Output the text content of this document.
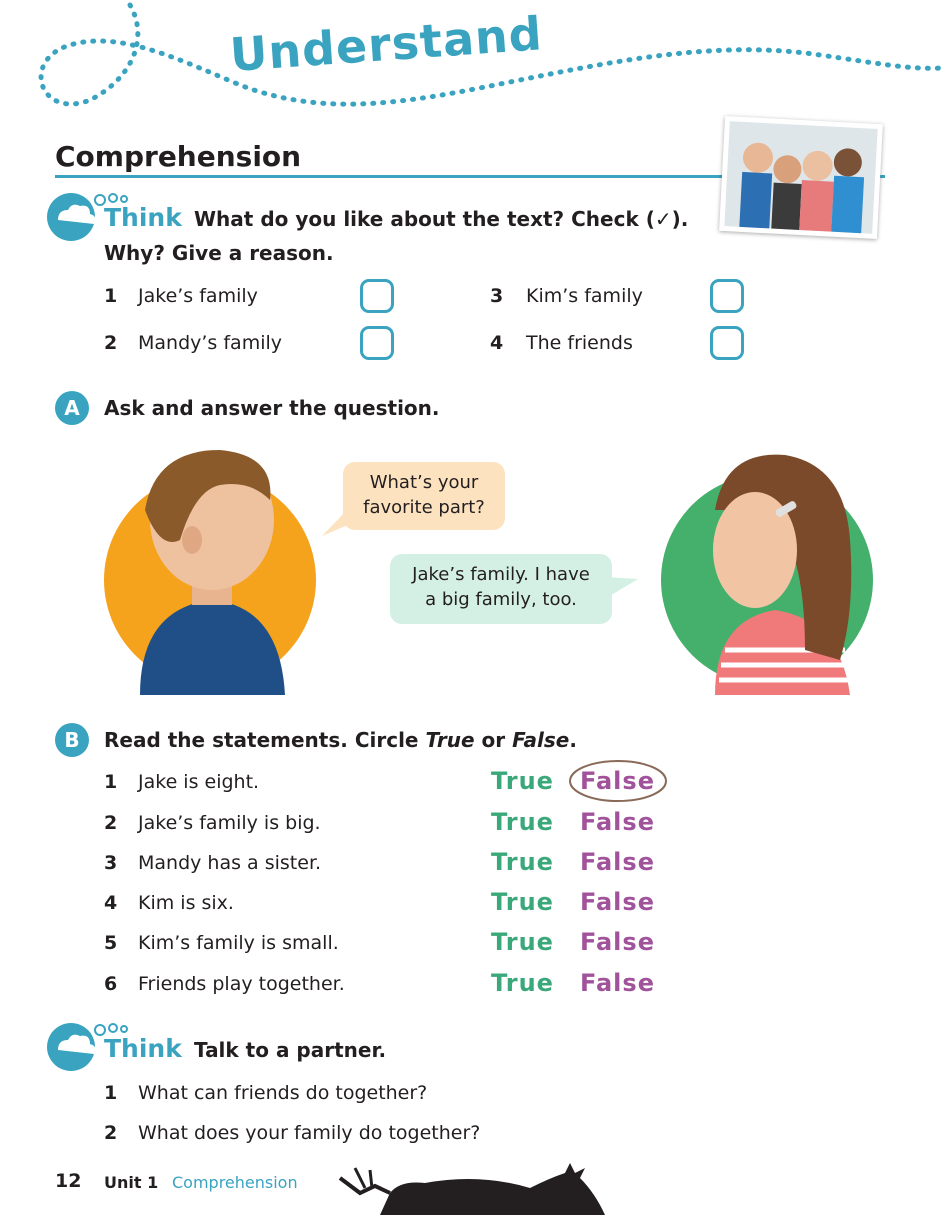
Understand
Comprehension
Think What do you like about the text? Check (✓).
Why? Give a reason.
1 Jake’s family
2 Mandy’s family
3 Kim’s family
4 The friends
A	Ask and answer the question.
What’s your
favorite part?
Jake’s family. I have
a big family, too.
B	Read the statements. Circle True or False.
1 Jake is eight.	True False
2 Jake’s family is big.	True False
3 Mandy has a sister.	True False
4 Kim is six.	True False
5 Kim’s family is small.	True False
6 Friends play together.	True False
Think Talk to a partner.
1 What can friends do together?
2 What does your family do together?
12 Unit 1 Comprehension
